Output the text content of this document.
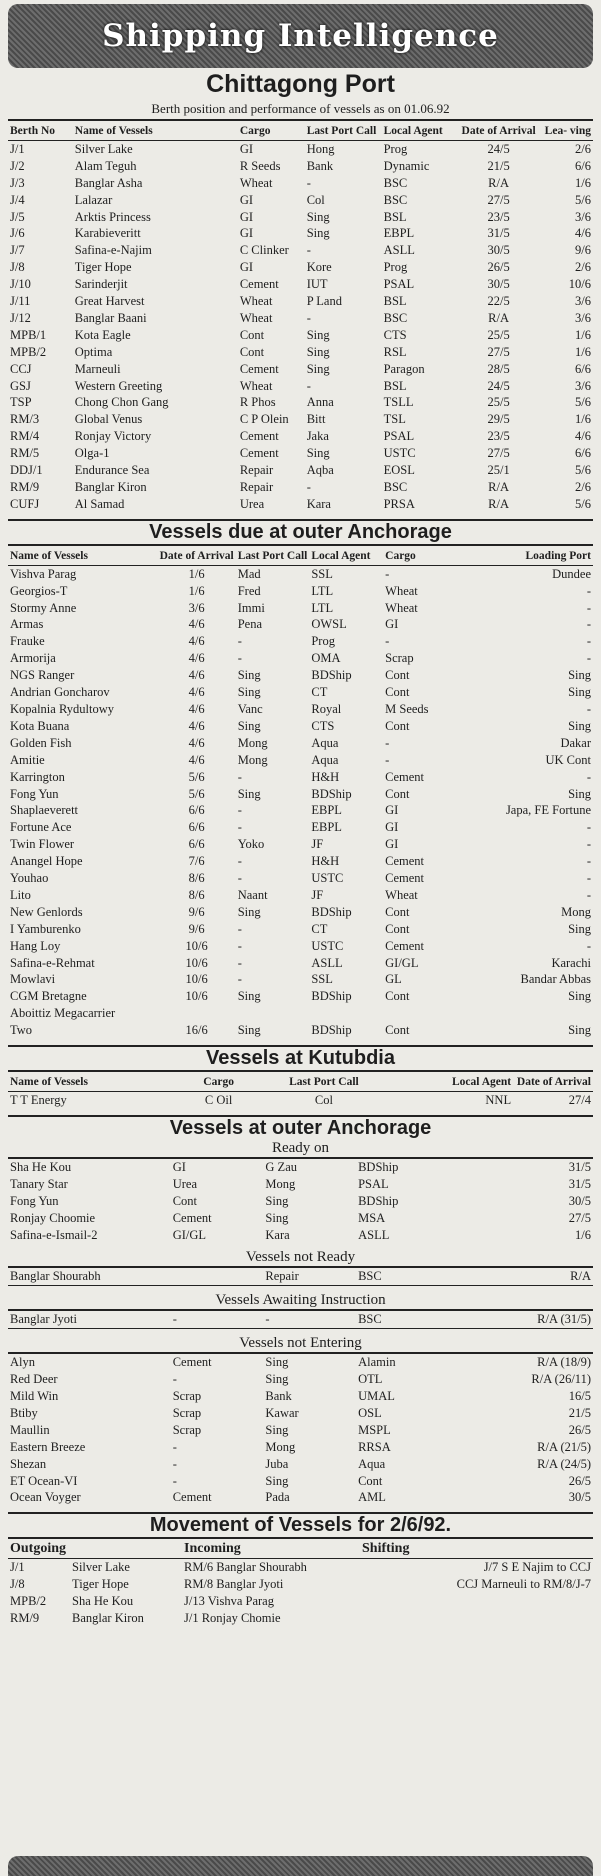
Shipping Intelligence
Chittagong Port
Berth position and performance of vessels as on 01.06.92
Berth No	Name of Vessels	Cargo	Last Port Call	Local Agent	Date of Arrival	Lea- ving
J/1	Silver Lake	GI	Hong	Prog	24/5	2/6
J/2	Alam Teguh	R Seeds	Bank	Dynamic	21/5	6/6
J/3	Banglar Asha	Wheat	-	BSC	R/A	1/6
J/4	Lalazar	GI	Col	BSC	27/5	5/6
J/5	Arktis Princess	GI	Sing	BSL	23/5	3/6
J/6	Karabieveritt	GI	Sing	EBPL	31/5	4/6
J/7	Safina-e-Najim	C Clinker	-	ASLL	30/5	9/6
J/8	Tiger Hope	GI	Kore	Prog	26/5	2/6
J/10	Sarinderjit	Cement	IUT	PSAL	30/5	10/6
J/11	Great Harvest	Wheat	P Land	BSL	22/5	3/6
J/12	Banglar Baani	Wheat	-	BSC	R/A	3/6
MPB/1	Kota Eagle	Cont	Sing	CTS	25/5	1/6
MPB/2	Optima	Cont	Sing	RSL	27/5	1/6
CCJ	Marneuli	Cement	Sing	Paragon	28/5	6/6
GSJ	Western Greeting	Wheat	-	BSL	24/5	3/6
TSP	Chong Chon Gang	R Phos	Anna	TSLL	25/5	5/6
RM/3	Global Venus	C P Olein	Bitt	TSL	29/5	1/6
RM/4	Ronjay Victory	Cement	Jaka	PSAL	23/5	4/6
RM/5	Olga-1	Cement	Sing	USTC	27/5	6/6
DDJ/1	Endurance Sea	Repair	Aqba	EOSL	25/1	5/6
RM/9	Banglar Kiron	Repair	-	BSC	R/A	2/6
CUFJ	Al Samad	Urea	Kara	PRSA	R/A	5/6
Vessels due at outer Anchorage
Name of Vessels	Date of Arrival	Last Port Call	Local Agent	Cargo	Loading Port
Vishva Parag	1/6	Mad	SSL	-	Dundee
Georgios-T	1/6	Fred	LTL	Wheat	-
Stormy Anne	3/6	Immi	LTL	Wheat	-
Armas	4/6	Pena	OWSL	GI	-
Frauke	4/6	-	Prog	-	-
Armorija	4/6	-	OMA	Scrap	-
NGS Ranger	4/6	Sing	BDShip	Cont	Sing
Andrian Goncharov	4/6	Sing	CT	Cont	Sing
Kopalnia Rydultowy	4/6	Vanc	Royal	M Seeds	-
Kota Buana	4/6	Sing	CTS	Cont	Sing
Golden Fish	4/6	Mong	Aqua	-	Dakar
Amitie	4/6	Mong	Aqua	-	UK Cont
Karrington	5/6	-	H&H	Cement	-
Fong Yun	5/6	Sing	BDShip	Cont	Sing
Shaplaeverett	6/6	-	EBPL	GI	Japa, FE Fortune
Fortune Ace	6/6	-	EBPL	GI	-
Twin Flower	6/6	Yoko	JF	GI	-
Anangel Hope	7/6	-	H&H	Cement	-
Youhao	8/6	-	USTC	Cement	-
Lito	8/6	Naant	JF	Wheat	-
New Genlords	9/6	Sing	BDShip	Cont	Mong
I Yamburenko	9/6	-	CT	Cont	Sing
Hang Loy	10/6	-	USTC	Cement	-
Safina-e-Rehmat	10/6	-	ASLL	GI/GL	Karachi
Mowlavi	10/6	-	SSL	GL	Bandar Abbas
CGM Bretagne	10/6	Sing	BDShip	Cont	Sing
Aboittiz Megacarrier					
Two	16/6	Sing	BDShip	Cont	Sing
Vessels at Kutubdia
Name of Vessels	Cargo	Last Port Call	Local Agent	Date of Arrival
T T Energy	C Oil	Col	NNL	27/4
Vessels at outer Anchorage
Ready on
Sha He Kou	GI	G Zau	BDShip	31/5
Tanary Star	Urea	Mong	PSAL	31/5
Fong Yun	Cont	Sing	BDShip	30/5
Ronjay Choomie	Cement	Sing	MSA	27/5
Safina-e-Ismail-2	GI/GL	Kara	ASLL	1/6
Vessels not Ready
Banglar Shourabh		Repair	BSC	R/A
Vessels Awaiting Instruction
Banglar Jyoti	-	-	BSC	R/A (31/5)
Vessels not Entering
Alyn	Cement	Sing	Alamin	R/A (18/9)
Red Deer	-	Sing	OTL	R/A (26/11)
Mild Win	Scrap	Bank	UMAL	16/5
Btiby	Scrap	Kawar	OSL	21/5
Maullin	Scrap	Sing	MSPL	26/5
Eastern Breeze	-	Mong	RRSA	R/A (21/5)
Shezan	-	Juba	Aqua	R/A (24/5)
ET Ocean-VI	-	Sing	Cont	26/5
Ocean Voyger	Cement	Pada	AML	30/5
Movement of Vessels for 2/6/92.
Outgoing		Incoming	Shifting
J/1	Silver Lake	RM/6 Banglar Shourabh	J/7 S E Najim to CCJ
J/8	Tiger Hope	RM/8 Banglar Jyoti	CCJ Marneuli to RM/8/J-7
MPB/2	Sha He Kou	J/13 Vishva Parag	
RM/9	Banglar Kiron	J/1 Ronjay Chomie	
